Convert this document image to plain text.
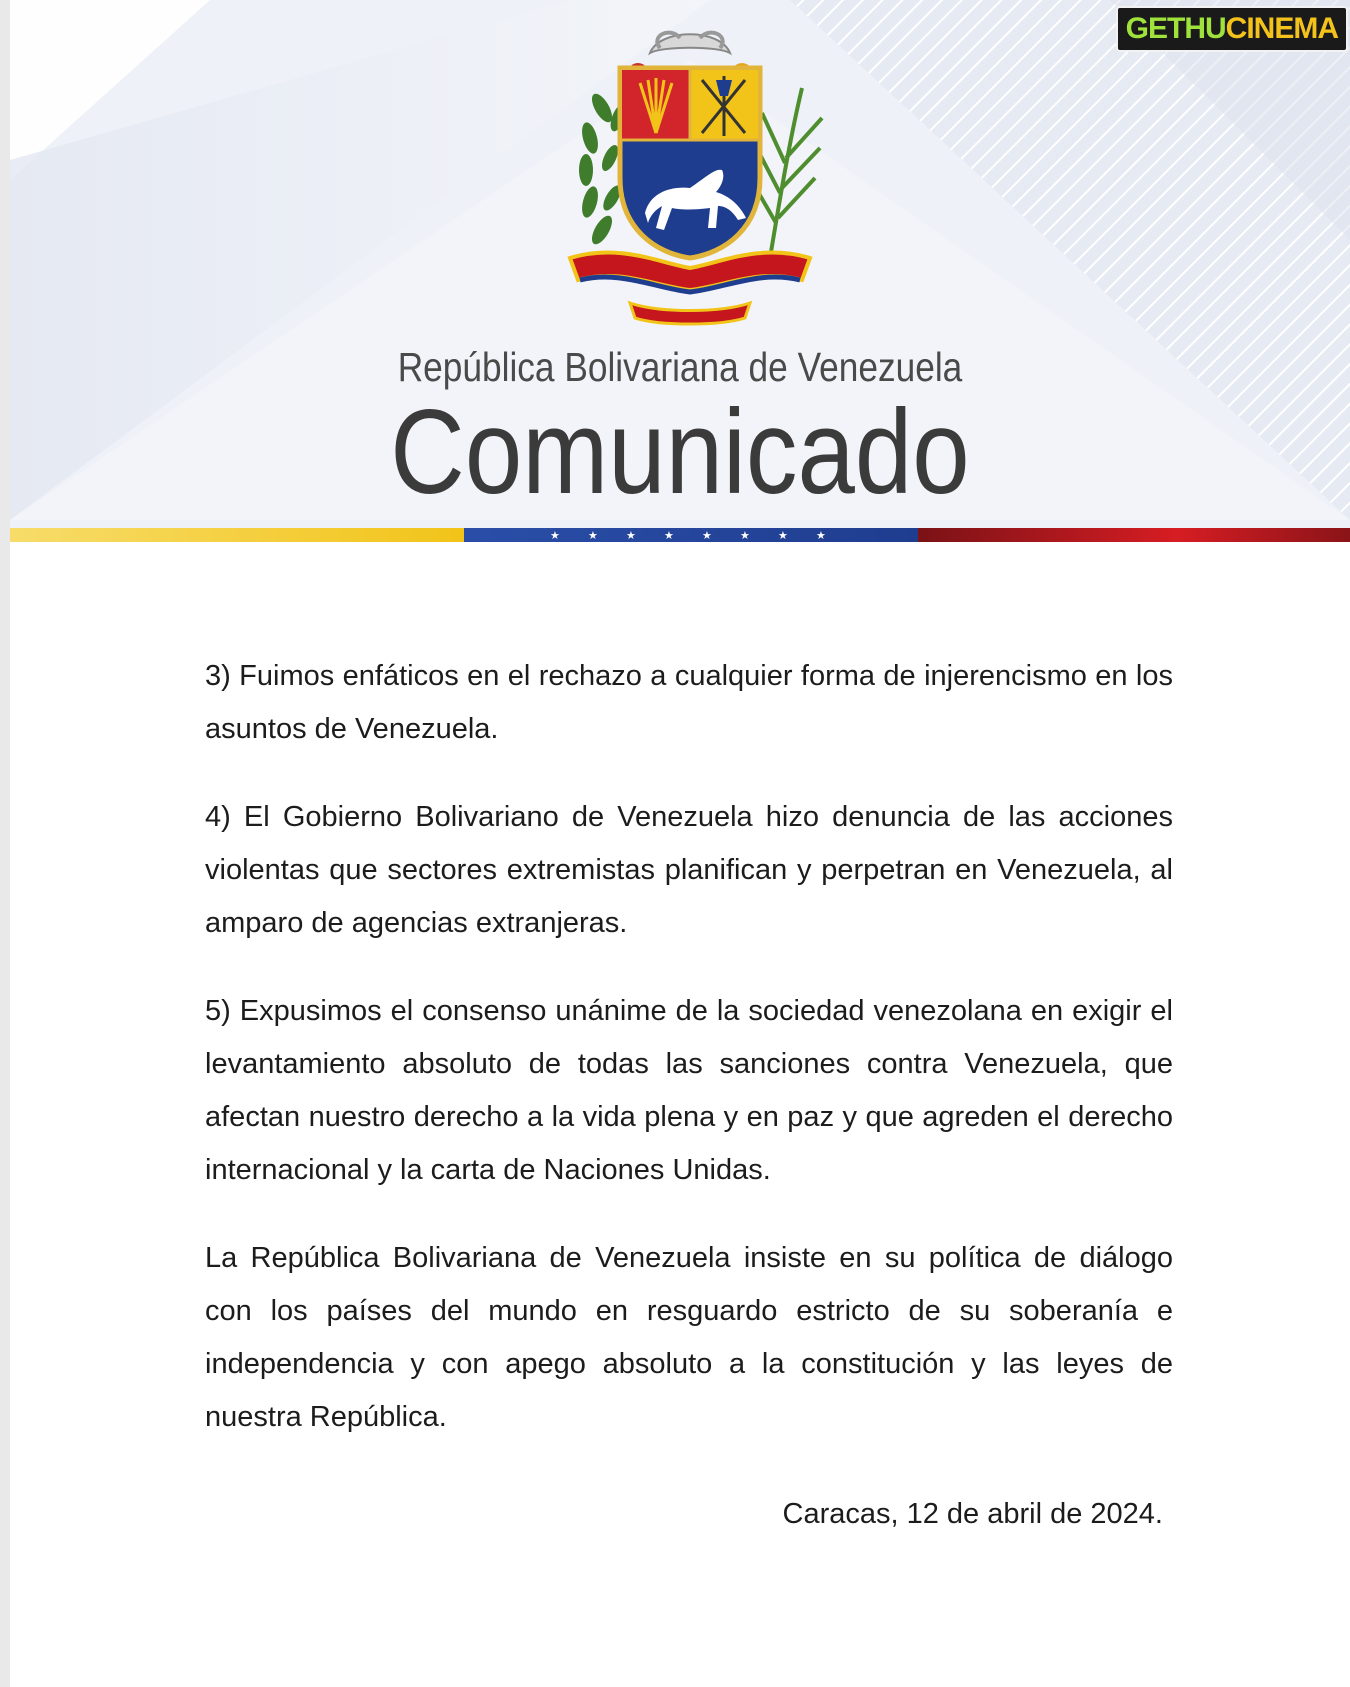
República Bolivariana de Venezuela
Comunicado
★	★	★	★	★	★	★	★

3) Fuimos enfáticos en el rechazo a cualquier forma de injerencismo en los asuntos de Venezuela.

4) El Gobierno Bolivariano de Venezuela hizo denuncia de las acciones violentas que sectores extremistas planifican y perpetran en Venezuela, al amparo de agencias extranjeras.

5) Expusimos el consenso unánime de la sociedad venezolana en exigir el levantamiento absoluto de todas las sanciones contra Venezuela, que afectan nuestro derecho a la vida plena y en paz y que agreden el derecho internacional y la carta de Naciones Unidas.

La República Bolivariana de Venezuela insiste en su política de diálogo con los países del mundo en resguardo estricto de su soberanía e independencia y con apego absoluto a la constitución y las leyes de nuestra República.

Caracas, 12 de abril de 2024.
GETHUCINEMA
